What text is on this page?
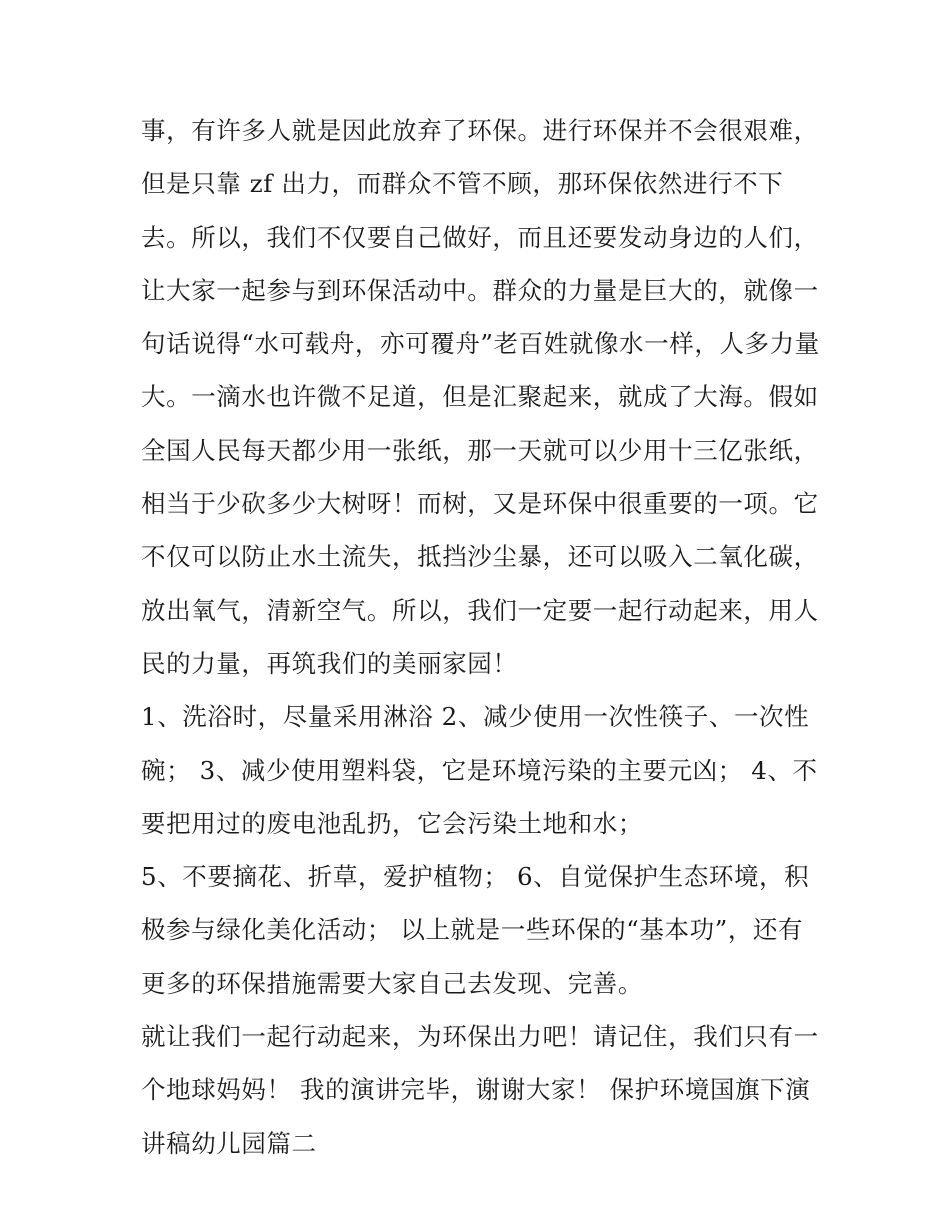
事，有许多人就是因此放弃了环保。进行环保并不会很艰难，
但是只靠 zf 出力，而群众不管不顾，那环保依然进行不下
去。所以，我们不仅要自己做好，而且还要发动身边的人们，
让大家一起参与到环保活动中。群众的力量是巨大的，就像一
句话说得“水可载舟，亦可覆舟”老百姓就像水一样，人多力量
大。一滴水也许微不足道，但是汇聚起来，就成了大海。假如
全国人民每天都少用一张纸，那一天就可以少用十三亿张纸，
相当于少砍多少大树呀！而树，又是环保中很重要的一项。它
不仅可以防止水土流失，抵挡沙尘暴，还可以吸入二氧化碳，
放出氧气，清新空气。所以，我们一定要一起行动起来，用人
民的力量，再筑我们的美丽家园！
1、洗浴时，尽量采用淋浴 2、减少使用一次性筷子、一次性
碗； 3、减少使用塑料袋，它是环境污染的主要元凶； 4、不
要把用过的废电池乱扔，它会污染土地和水；
5、不要摘花、折草，爱护植物； 6、自觉保护生态环境，积
极参与绿化美化活动； 以上就是一些环保的“基本功”，还有
更多的环保措施需要大家自己去发现、完善。
就让我们一起行动起来，为环保出力吧！请记住，我们只有一
个地球妈妈！ 我的演讲完毕，谢谢大家！ 保护环境国旗下演
讲稿幼儿园篇二
